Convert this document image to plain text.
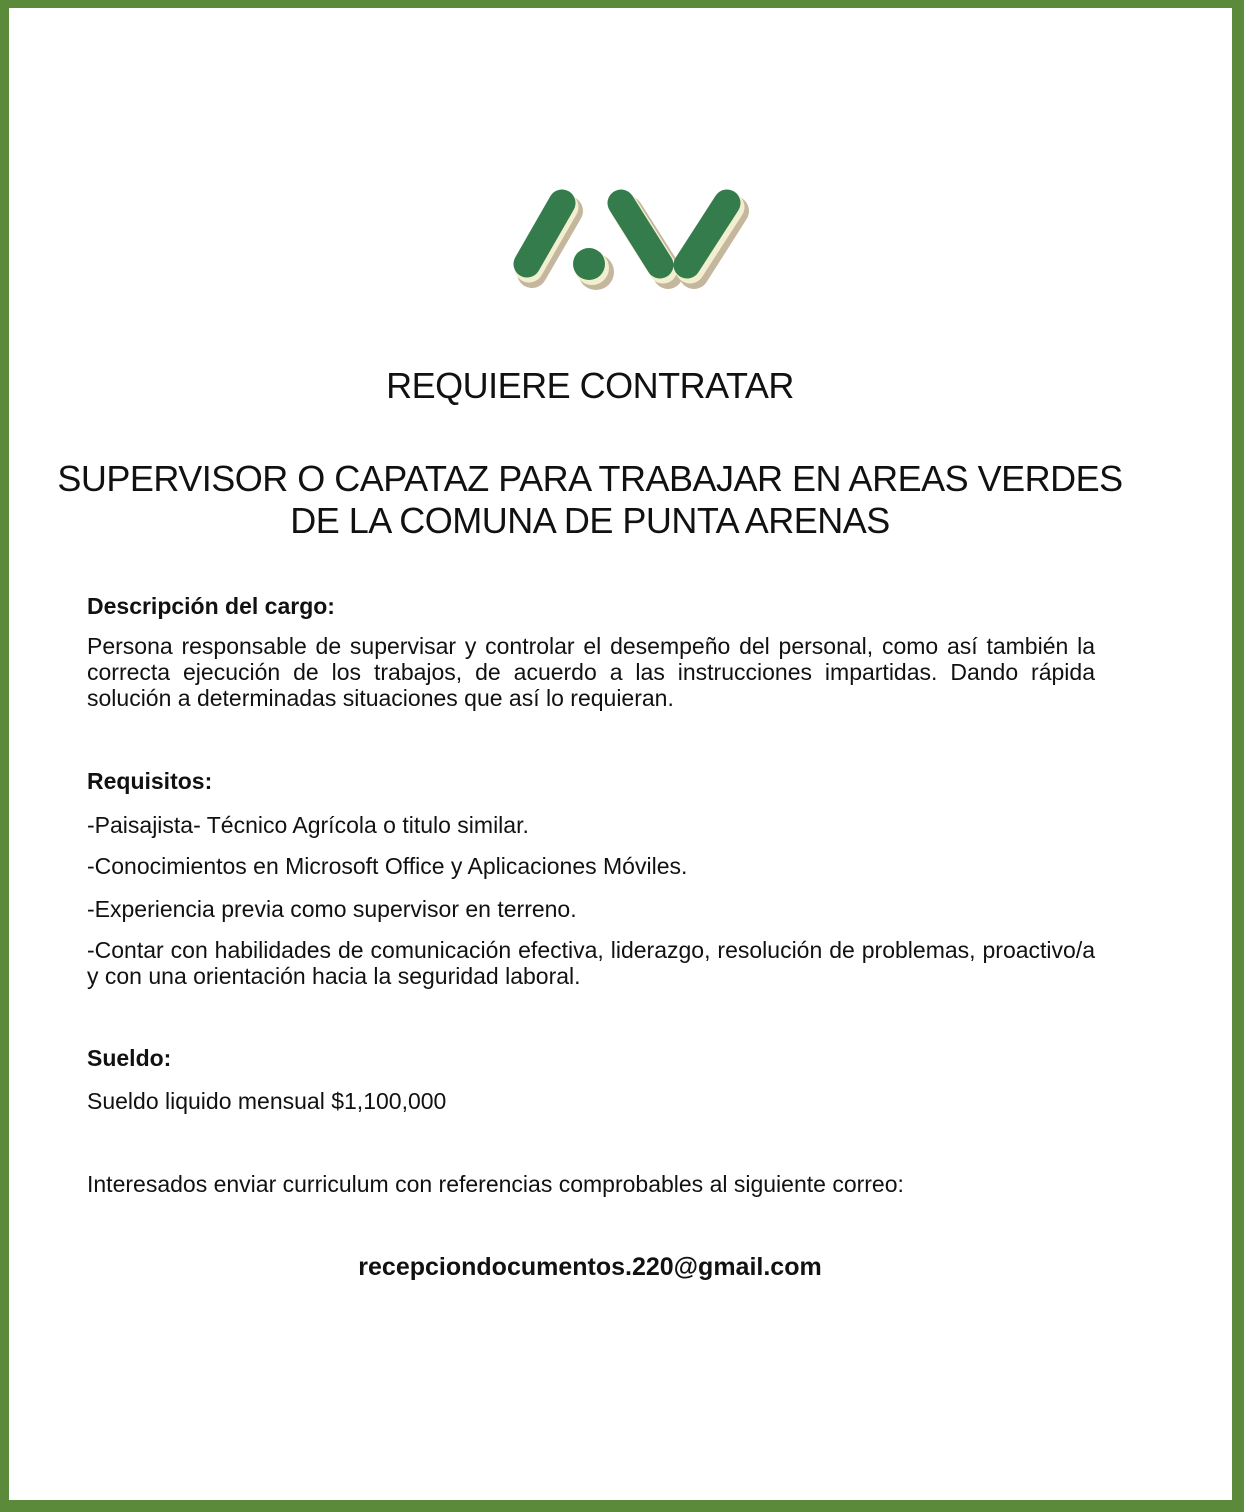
REQUIERE CONTRATAR
SUPERVISOR O CAPATAZ PARA TRABAJAR EN AREAS VERDES
DE LA COMUNA DE PUNTA ARENAS
Descripción del cargo:
Persona responsable de supervisar y controlar el desempeño del personal, como así también la correcta ejecución de los trabajos, de acuerdo a las instrucciones impartidas. Dando rápida solución a determinadas situaciones que así lo requieran.
Requisitos:
-Paisajista- Técnico Agrícola o titulo similar.
-Conocimientos en Microsoft Office y Aplicaciones Móviles.
-Experiencia previa como supervisor en terreno.
-Contar con habilidades de comunicación efectiva, liderazgo, resolución de problemas, proactivo/a y con una orientación hacia la seguridad laboral.
Sueldo:
Sueldo liquido mensual $1,100,000
Interesados enviar curriculum con referencias comprobables al siguiente correo:
recepciondocumentos.220@gmail.com
